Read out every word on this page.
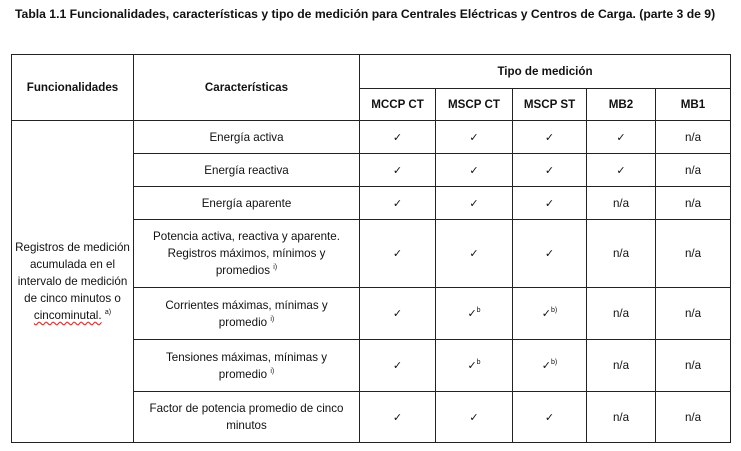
Tabla 1.1 Funcionalidades, características y tipo de medición para Centrales Eléctricas y Centros de Carga. (parte 3 de 9)
Funcionalidades	Características	Tipo de medición				
		MCCP CT	MSCP CT	MSCP ST	MB2	MB1
Registros de medición acumulada en el intervalo de medición de cinco minutos o cincominutal. $^{a)}$	Energía activa	✓	✓	✓	✓	n/a
	Energía reactiva	✓	✓	✓	✓	n/a
	Energía aparente	✓	✓	✓	n/a	n/a
	Potencia activa, reactiva y aparente. Registros máximos, mínimos y promedios $^{i)}$	✓	✓	✓	n/a	n/a
	Corrientes máximas, mínimas y promedio $^{i)}$	✓	✓$^b$	✓$^{b)}$	n/a	n/a
	Tensiones máximas, mínimas y promedio $^{i)}$	✓	✓$^b$	✓$^{b)}$	n/a	n/a
	Factor de potencia promedio de cinco minutos	✓	✓	✓	n/a	n/a
